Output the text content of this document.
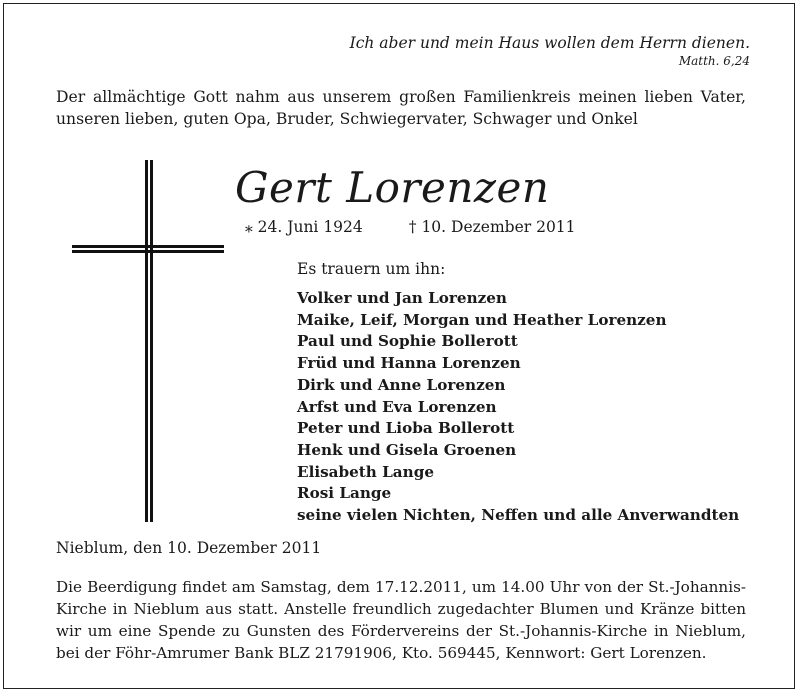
Ich aber und mein Haus wollen dem Herrn dienen.
Matth. 6,24
Der allmächtige Gott nahm aus unserem großen Familienkreis meinen lieben Vater, unseren lieben, guten Opa, Bruder, Schwiegervater, Schwager und Onkel
Gert Lorenzen
⁎ 24. Juni 1924	† 10. Dezember 2011
Es trauern um ihn:
Volker und Jan Lorenzen
Maike, Leif, Morgan und Heather Lorenzen
Paul und Sophie Bollerott
Früd und Hanna Lorenzen
Dirk und Anne Lorenzen
Arfst und Eva Lorenzen
Peter und Lioba Bollerott
Henk und Gisela Groenen
Elisabeth Lange
Rosi Lange
seine vielen Nichten, Neffen und alle Anverwandten
Nieblum, den 10. Dezember 2011
Die Beerdigung findet am Samstag, dem 17.12.2011, um 14.00 Uhr von der St.-Johannis-Kirche in Nieblum aus statt. Anstelle freundlich zugedachter Blumen und Kränze bitten wir um eine Spende zu Gunsten des Fördervereins der St.-Johannis-Kirche in Nieblum, bei der Föhr-Amrumer Bank BLZ 21791906, Kto. 569445, Kennwort: Gert Lorenzen.
